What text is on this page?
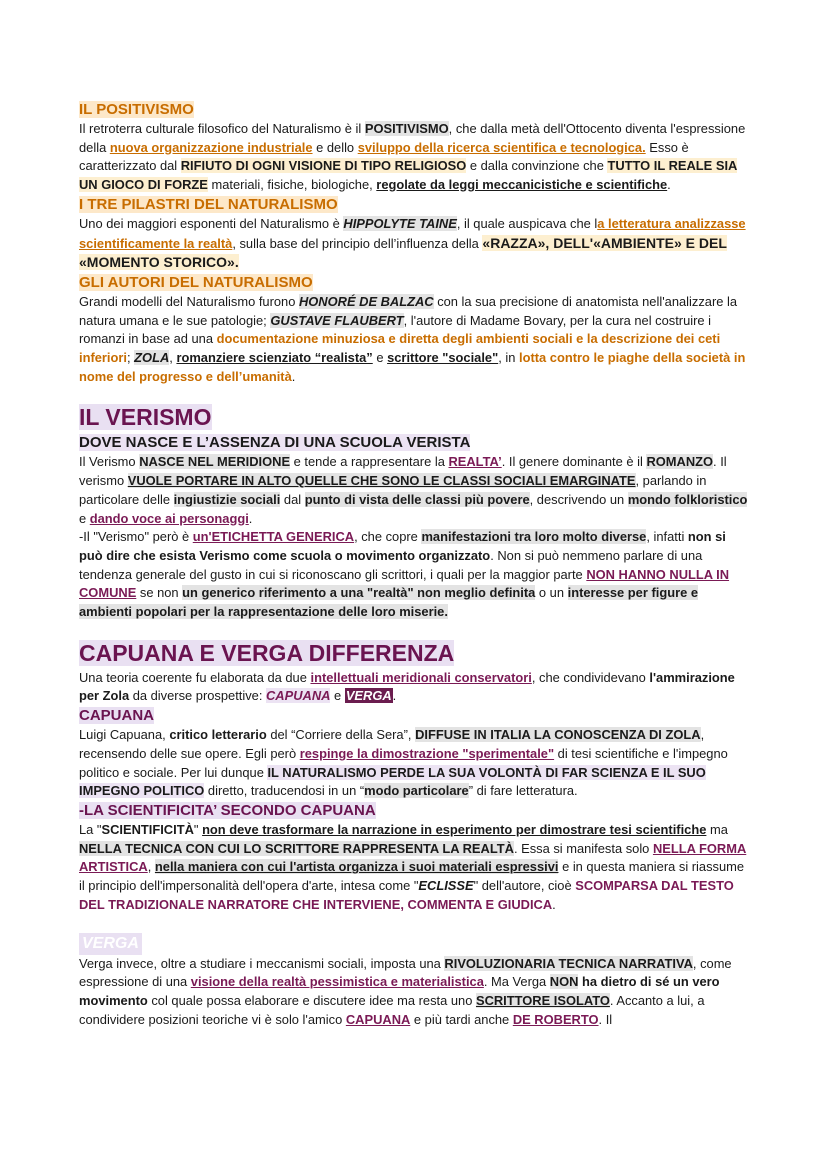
IL POSITIVISMO

Il retroterra culturale filosofico del Naturalismo è il POSITIVISMO, che dalla metà dell'Ottocento diventa l'espressione della nuova organizzazione industriale e dello sviluppo della ricerca scientifica e tecnologica. Esso è caratterizzato dal RIFIUTO DI OGNI VISIONE DI TIPO RELIGIOSO e dalla convinzione che TUTTO IL REALE SIA UN GIOCO DI FORZE materiali, fisiche, biologiche, regolate da leggi meccanicistiche e scientifiche.

I TRE PILASTRI DEL NATURALISMO

Uno dei maggiori esponenti del Naturalismo è HIPPOLYTE TAINE, il quale auspicava che la letteratura analizzasse scientificamente la realtà, sulla base del principio dell’influenza della «RAZZA», DELL'«AMBIENTE» E DEL «MOMENTO STORICO».

GLI AUTORI DEL NATURALISMO

Grandi modelli del Naturalismo furono HONORÉ DE BALZAC con la sua precisione di anatomista nell'analizzare la natura umana e le sue patologie; GUSTAVE FLAUBERT, l'autore di Madame Bovary, per la cura nel costruire i romanzi in base ad una documentazione minuziosa e diretta degli ambienti sociali e la descrizione dei ceti inferiori; ZOLA, romanziere scienziato “realista” e scrittore "sociale", in lotta contro le piaghe della società in nome del progresso e dell’umanità.

IL VERISMO

DOVE NASCE E L’ASSENZA DI UNA SCUOLA VERISTA

Il Verismo NASCE NEL MERIDIONE e tende a rappresentare la REALTA’. Il genere dominante è il ROMANZO. Il verismo VUOLE PORTARE IN ALTO QUELLE CHE SONO LE CLASSI SOCIALI EMARGINATE, parlando in particolare delle ingiustizie sociali dal punto di vista delle classi più povere, descrivendo un mondo folkloristico e dando voce ai personaggi.

-Il "Verismo" però è un'ETICHETTA GENERICA, che copre manifestazioni tra loro molto diverse, infatti non si può dire che esista Verismo come scuola o movimento organizzato. Non si può nemmeno parlare di una tendenza generale del gusto in cui si riconoscano gli scrittori, i quali per la maggior parte NON HANNO NULLA IN COMUNE se non un generico riferimento a una "realtà" non meglio definita o un interesse per figure e ambienti popolari per la rappresentazione delle loro miserie.

CAPUANA E VERGA DIFFERENZA

Una teoria coerente fu elaborata da due intellettuali meridionali conservatori, che condividevano l'ammirazione per Zola da diverse prospettive: CAPUANA e VERGA.

CAPUANA

Luigi Capuana, critico letterario del “Corriere della Sera”, DIFFUSE IN ITALIA LA CONOSCENZA DI ZOLA, recensendo delle sue opere. Egli però respinge la dimostrazione "sperimentale" di tesi scientifiche e l'impegno politico e sociale. Per lui dunque IL NATURALISMO PERDE LA SUA VOLONTÀ DI FAR SCIENZA E IL SUO IMPEGNO POLITICO diretto, traducendosi in un “modo particolare” di fare letteratura.

-LA SCIENTIFICITA’ SECONDO CAPUANA

La "SCIENTIFICITÀ" non deve trasformare la narrazione in esperimento per dimostrare tesi scientifiche ma NELLA TECNICA CON CUI LO SCRITTORE RAPPRESENTA LA REALTÀ. Essa si manifesta solo NELLA FORMA ARTISTICA, nella maniera con cui l'artista organizza i suoi materiali espressivi e in questa maniera si riassume il principio dell'impersonalità dell'opera d'arte, intesa come "ECLISSE" dell'autore, cioè SCOMPARSA DAL TESTO DEL TRADIZIONALE NARRATORE CHE INTERVIENE, COMMENTA E GIUDICA.

VERGA

Verga invece, oltre a studiare i meccanismi sociali, imposta una RIVOLUZIONARIA TECNICA NARRATIVA, come espressione di una visione della realtà pessimistica e materialistica. Ma Verga NON ha dietro di sé un vero movimento col quale possa elaborare e discutere idee ma resta uno SCRITTORE ISOLATO. Accanto a lui, a condividere posizioni teoriche vi è solo l'amico CAPUANA e più tardi anche DE ROBERTO. Il
